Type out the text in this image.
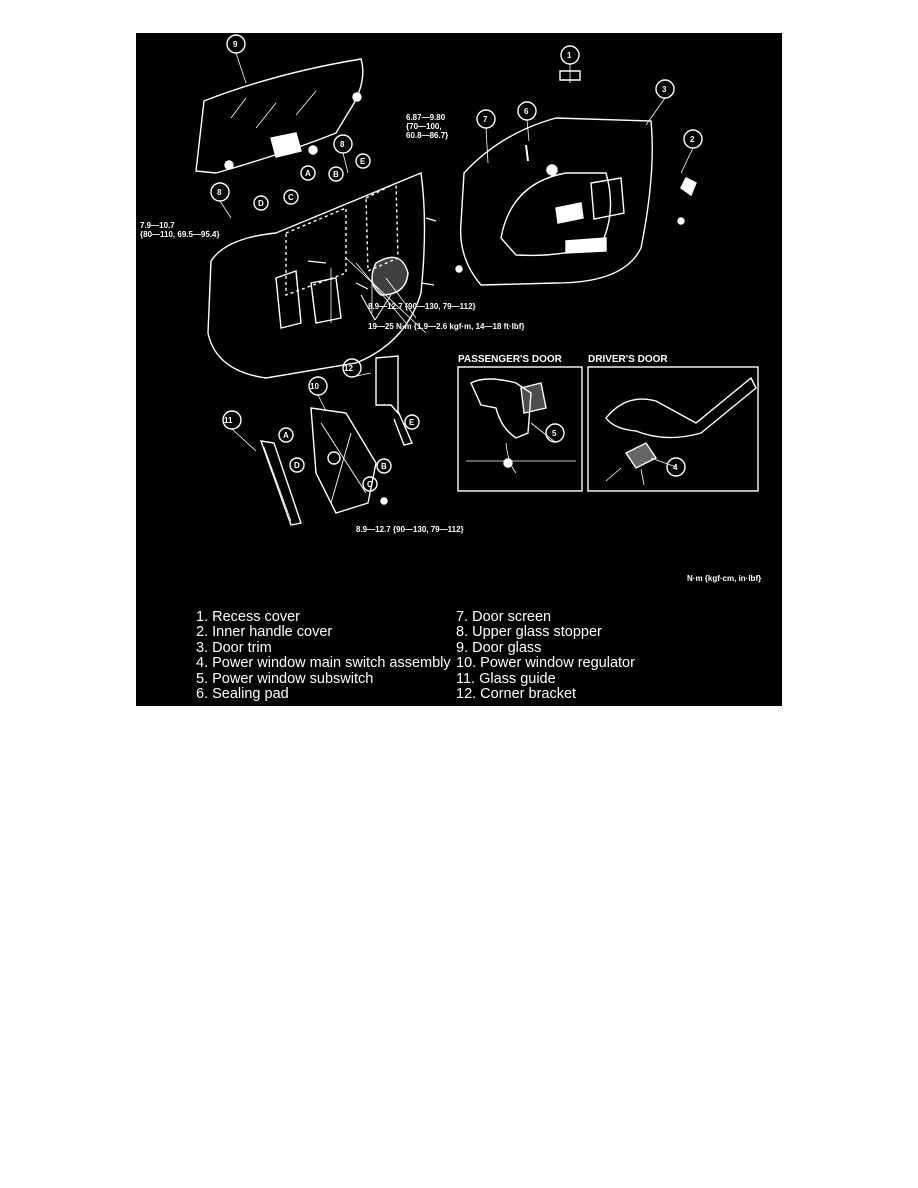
9
1
3
6
7
2
8
8
12
10
11
5
4
A	B
E
C
D
E
A
D	B
C
6.87—9.80
{70—100,
60.8—86.7}
7.9—10.7
{80—110, 69.5—95.4}
8.9—12.7 {90—130, 79—112}
19—25 N·m {1.9—2.6 kgf·m, 14—18 ft·lbf}
8.9—12.7 {90—130, 79—112}
PASSENGER'S DOOR	DRIVER'S DOOR
N·m {kgf·cm, in·lbf}
1. Recess cover
2. Inner handle cover
3. Door trim
4. Power window main switch assembly
5. Power window subswitch
6. Sealing pad
7. Door screen
8. Upper glass stopper
9. Door glass
10. Power window regulator
11. Glass guide
12. Corner bracket
